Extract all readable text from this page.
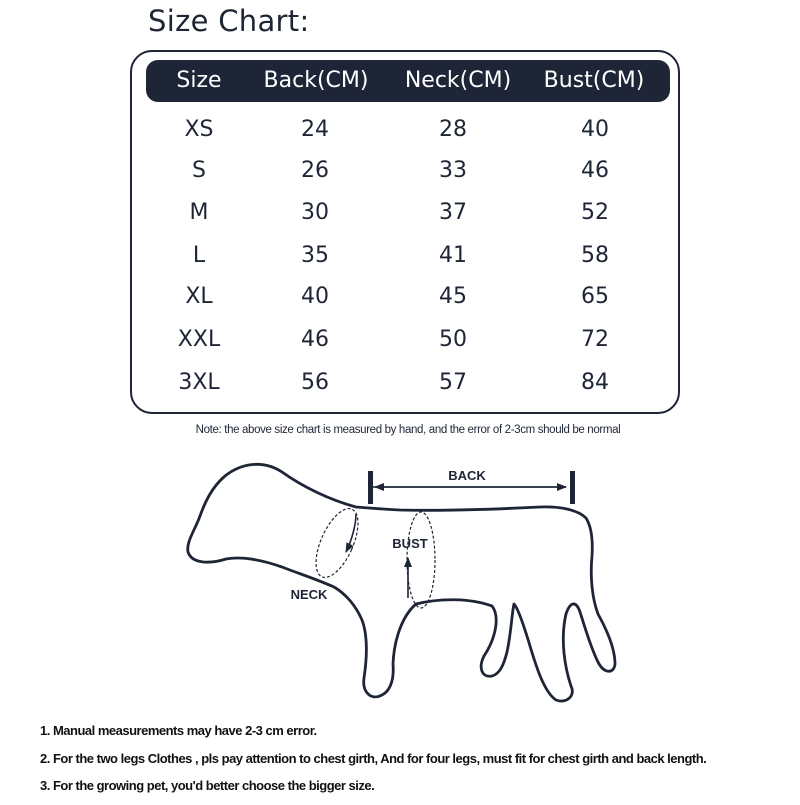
Size Chart:
Size Back(CM) Neck(CM) Bust(CM)
XS	24	28	40
S	26	33	46
M	30	37	52
L	35	41	58
XL	40	45	65
XXL	46	50	72
3XL	56	57	84
Note: the above size chart is measured by hand, and the error of 2-3cm should be normal
BACK
NECK
BUST
1. Manual measurements may have 2-3 cm error.
2. For the two legs Clothes , pls pay attention to chest girth, And for four legs, must fit for chest girth and back length.
3. For the growing pet, you'd better choose the bigger size.
